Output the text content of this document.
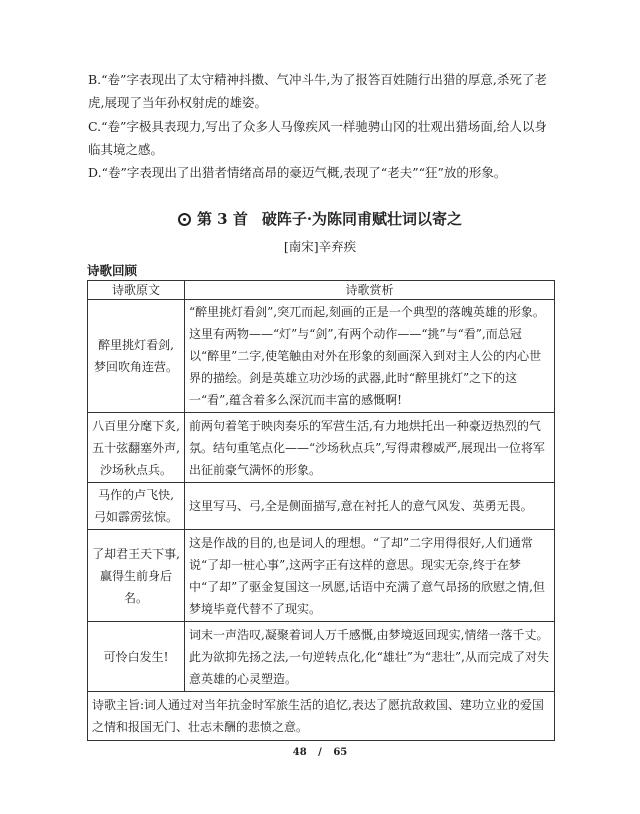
B.“卷”字表现出了太守精神抖擞、气冲斗牛,为了报答百姓随行出猎的厚意,杀死了老虎,展现了当年孙权射虎的雄姿。
C.“卷”字极具表现力,写出了众多人马像疾风一样驰骋山冈的壮观出猎场面,给人以身临其境之感。
D.“卷”字表现出了出猎者情绪高昂的豪迈气概,表现了“老夫”“狂”放的形象。
第 3 首 破阵子·为陈同甫赋壮词以寄之
[南宋]辛弃疾
诗歌回顾
诗歌原文	诗歌赏析

醉里挑灯看剑,
梦回吹角连营。	“醉里挑灯看剑”,突兀而起,刻画的正是一个典型的落魄英雄的形象。这里有两物——“灯”与“剑”,有两个动作——“挑”与“看”,而总冠以“醉里”二字,使笔触由对外在形象的刻画深入到对主人公的内心世界的描绘。剑是英雄立功沙场的武器,此时“醉里挑灯”之下的这一“看”,蕴含着多么深沉而丰富的感慨啊!

八百里分麾下炙,
五十弦翻塞外声,
沙场秋点兵。	前两句着笔于映肉奏乐的军营生活,有力地烘托出一种豪迈热烈的气氛。结句重笔点化——“沙场秋点兵”,写得肃穆威严,展现出一位将军出征前豪气满怀的形象。

马作的卢飞快,
弓如霹雳弦惊。	这里写马、弓,全是侧面描写,意在衬托人的意气风发、英勇无畏。

了却君王天下事,
赢得生前身后名。	这是作战的目的,也是词人的理想。“了却”二字用得很好,人们通常说“了却一桩心事”,这两字正有这样的意思。现实无奈,终于在梦中“了却”了驱金复国这一夙愿,话语中充满了意气昂扬的欣慰之情,但梦境毕竟代替不了现实。

可怜白发生!	词末一声浩叹,凝聚着词人万千感慨,由梦境返回现实,情绪一落千丈。此为欲抑先扬之法,一句逆转点化,化“雄壮”为“悲壮”,从而完成了对失意英雄的心灵塑造。
诗歌主旨:词人通过对当年抗金时军旅生活的追忆,表达了愿抗敌救国、建功立业的爱国之情和报国无门、壮志未酬的悲愤之意。	
48 / 65
